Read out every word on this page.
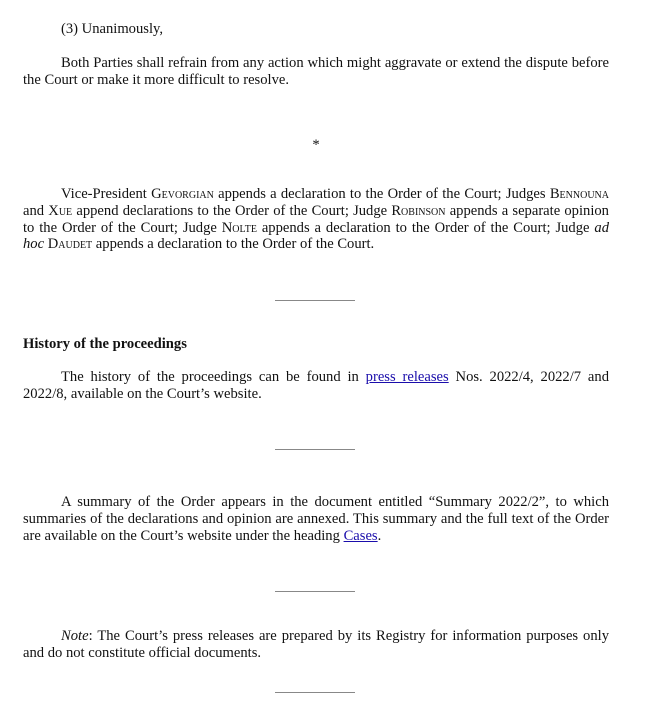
(3) Unanimously,

Both Parties shall refrain from any action which might aggravate or extend the dispute before the Court or make it more difficult to resolve.

*

Vice-President Gevorgian appends a declaration to the Order of the Court; Judges Bennouna and Xue append declarations to the Order of the Court; Judge Robinson appends a separate opinion to the Order of the Court; Judge Nolte appends a declaration to the Order of the Court; Judge ad hoc Daudet appends a declaration to the Order of the Court.

History of the proceedings

The history of the proceedings can be found in press releases Nos. 2022/4, 2022/7 and 2022/8, available on the Court’s website.

A summary of the Order appears in the document entitled “Summary 2022/2”, to which summaries of the declarations and opinion are annexed. This summary and the full text of the Order are available on the Court’s website under the heading Cases.

Note: The Court’s press releases are prepared by its Registry for information purposes only and do not constitute official documents.
